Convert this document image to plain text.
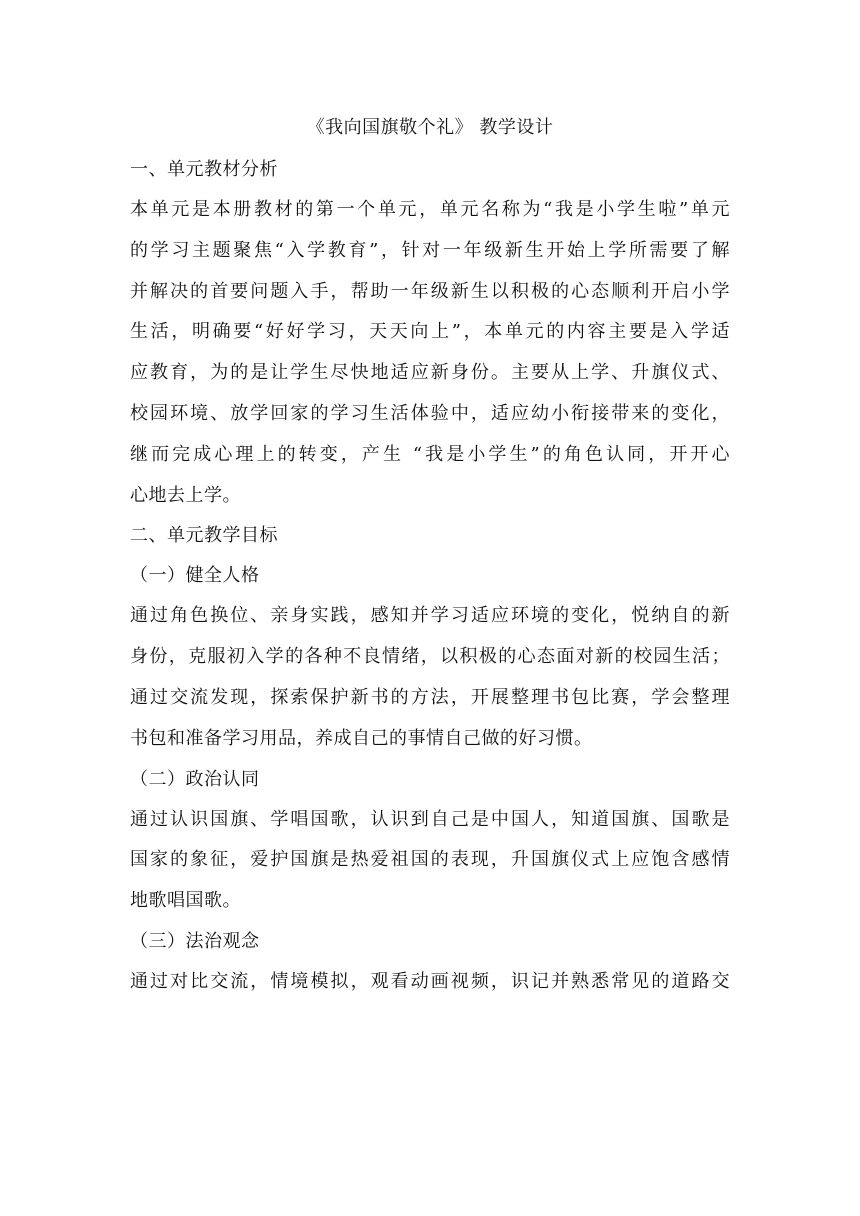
《我向国旗敬个礼》 教学设计

一、单元教材分析

本单元是本册教材的第一个单元，单元名称为“我是小学生啦”单元
的学习主题聚焦“入学教育”，针对一年级新生开始上学所需要了解
并解决的首要问题入手，帮助一年级新生以积极的心态顺利开启小学
生活，明确要“好好学习，天天向上”，本单元的内容主要是入学适
应教育，为的是让学生尽快地适应新身份。主要从上学、升旗仪式、
校园环境、放学回家的学习生活体验中，适应幼小衔接带来的变化，
继而完成心理上的转变，产生 “我是小学生”的角色认同，开开心
心地去上学。

二、单元教学目标

（一）健全人格

通过角色换位、亲身实践，感知并学习适应环境的变化，悦纳自的新
身份，克服初入学的各种不良情绪，以积极的心态面对新的校园生活；
通过交流发现，探索保护新书的方法，开展整理书包比赛，学会整理
书包和准备学习用品，养成自己的事情自己做的好习惯。

（二）政治认同

通过认识国旗、学唱国歌，认识到自己是中国人，知道国旗、国歌是
国家的象征，爱护国旗是热爱祖国的表现，升国旗仪式上应饱含感情
地歌唱国歌。

（三）法治观念

通过对比交流，情境模拟，观看动画视频，识记并熟悉常见的道路交
